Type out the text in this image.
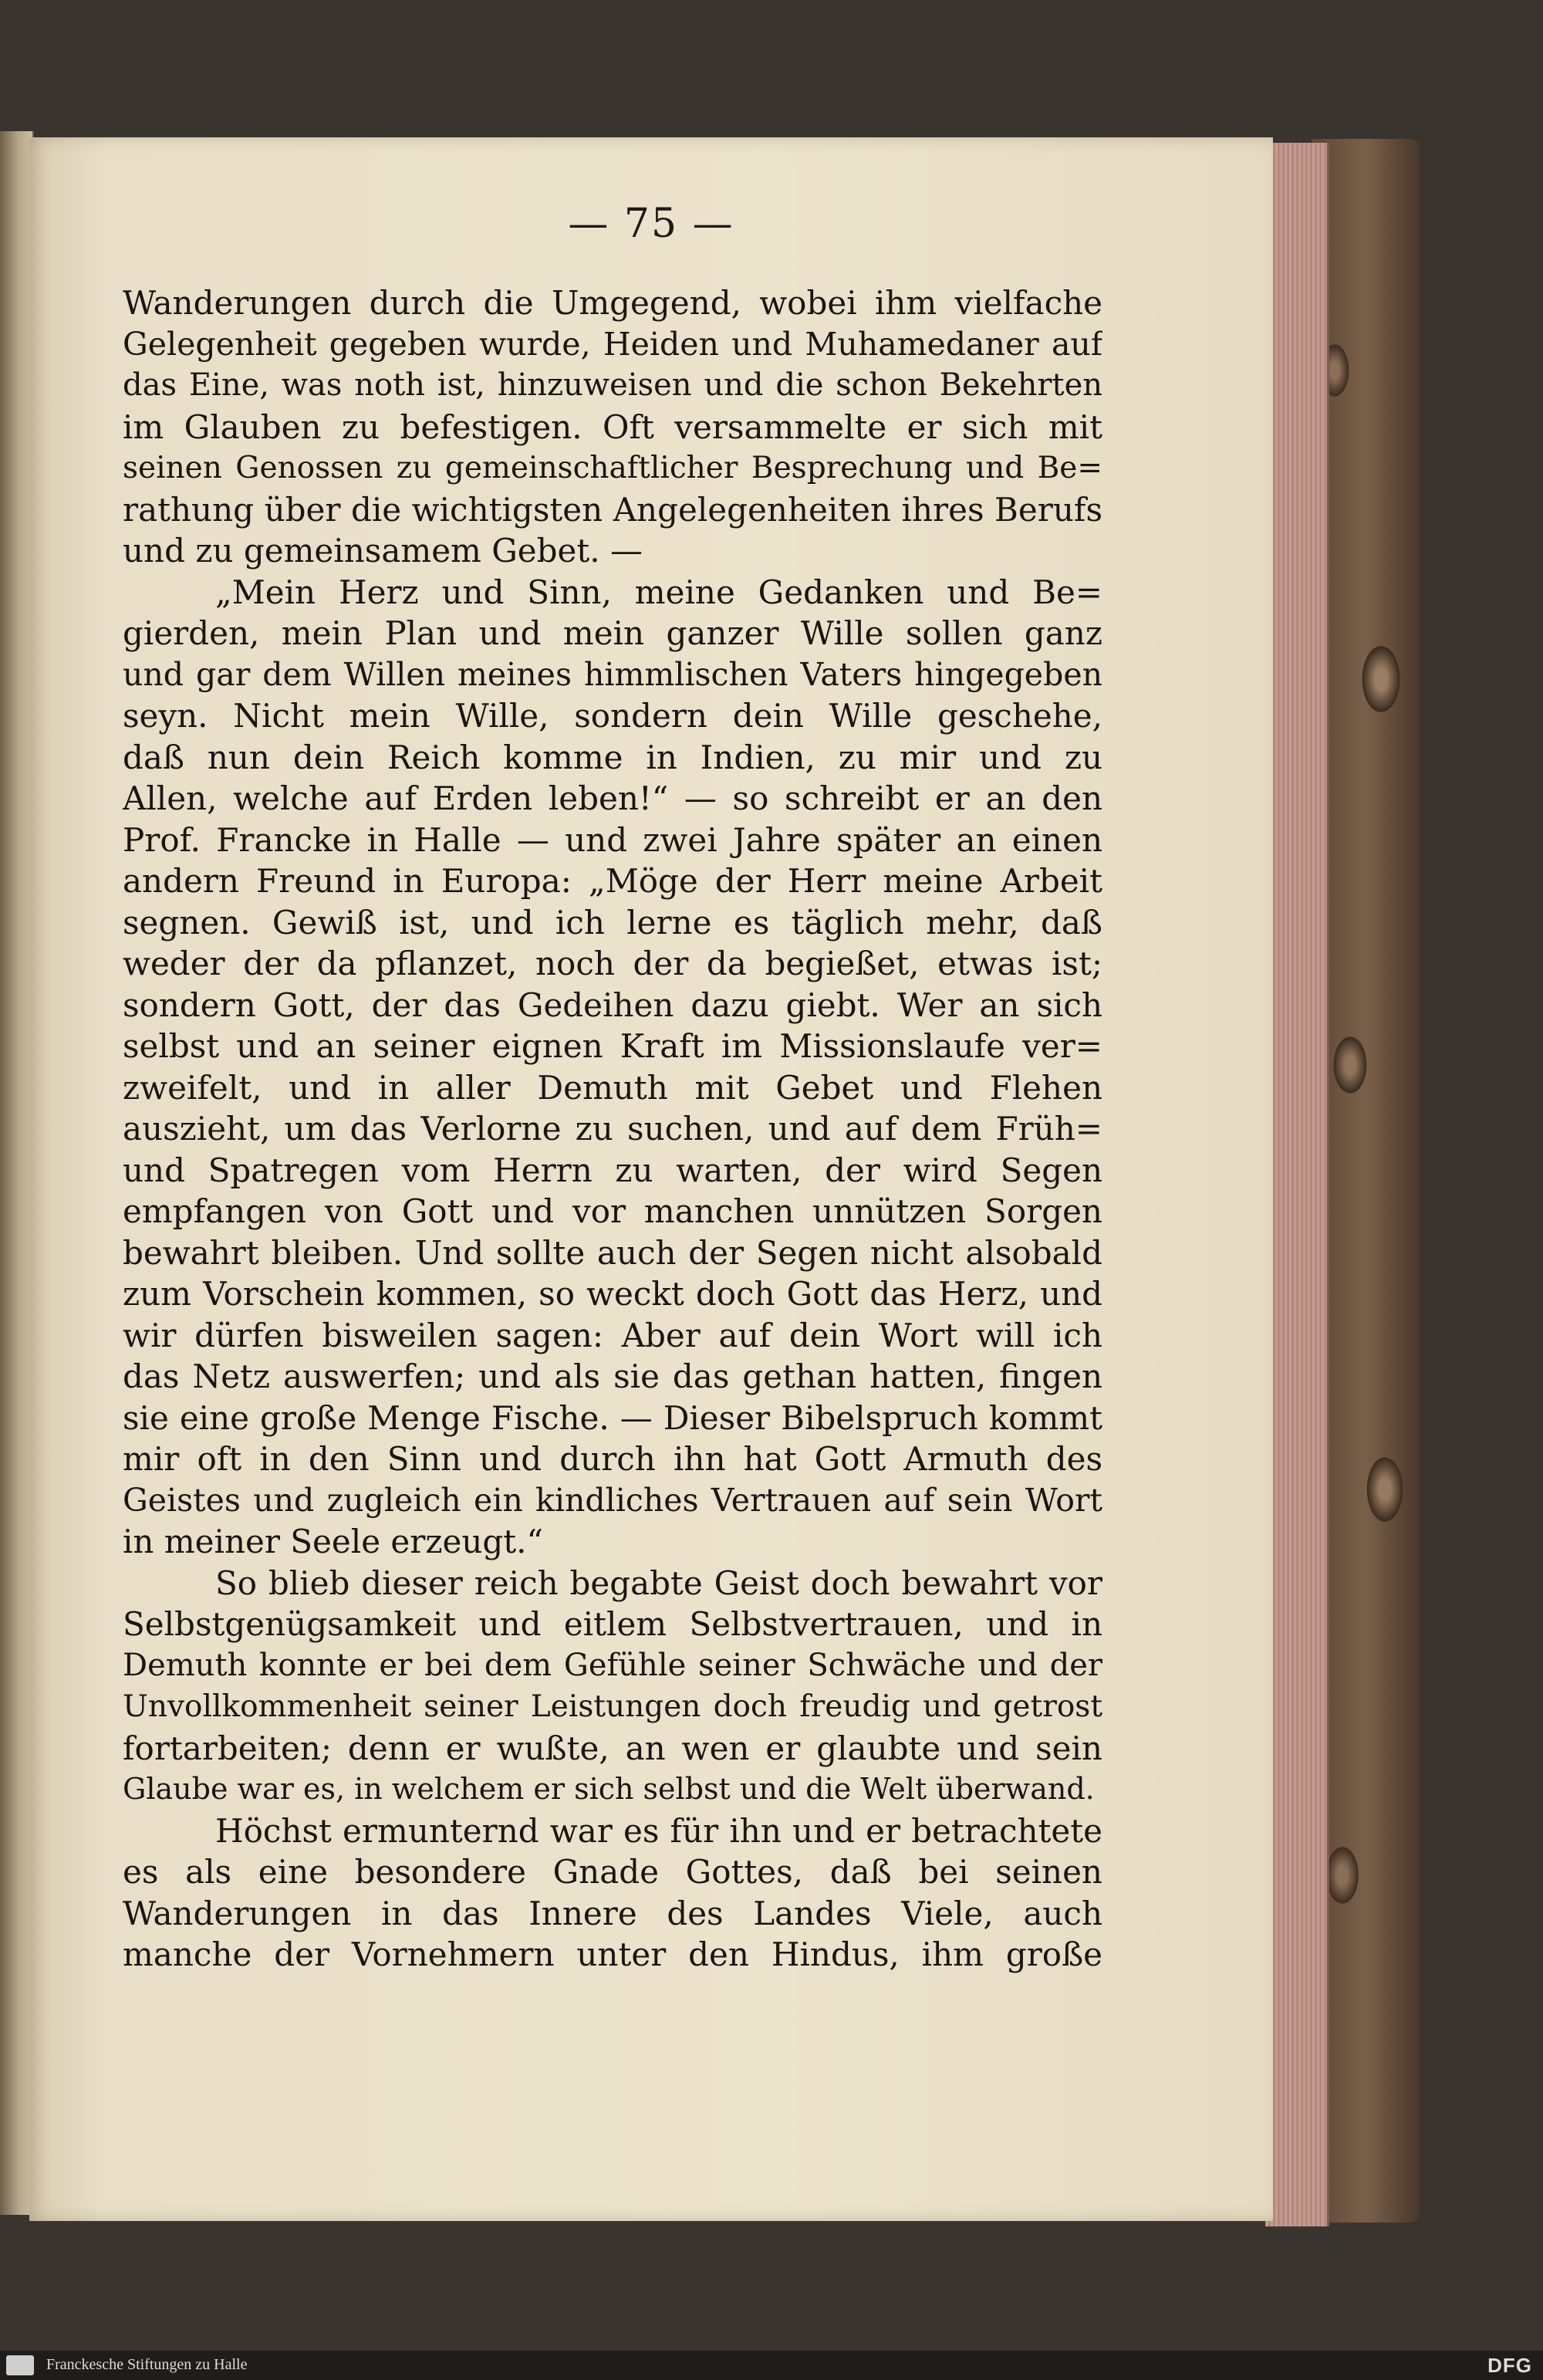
— 75 —
Wanderungen durch die Umgegend, wobei ihm vielfache
Gelegenheit gegeben wurde, Heiden und Muhamedaner auf
das Eine, was noth ist, hinzuweisen und die schon Bekehrten
im Glauben zu befestigen. Oft versammelte er sich mit
seinen Genossen zu gemeinschaftlicher Besprechung und Be=
rathung über die wichtigsten Angelegenheiten ihres Berufs
und zu gemeinsamem Gebet. —
„Mein Herz und Sinn, meine Gedanken und Be=
gierden, mein Plan und mein ganzer Wille sollen ganz
und gar dem Willen meines himmlischen Vaters hingegeben
seyn. Nicht mein Wille, sondern dein Wille geschehe,
daß nun dein Reich komme in Indien, zu mir und zu
Allen, welche auf Erden leben!“ — so schreibt er an den
Prof. Francke in Halle — und zwei Jahre später an einen
andern Freund in Europa: „Möge der Herr meine Arbeit
segnen. Gewiß ist, und ich lerne es täglich mehr, daß
weder der da pflanzet, noch der da begießet, etwas ist;
sondern Gott, der das Gedeihen dazu giebt. Wer an sich
selbst und an seiner eignen Kraft im Missionslaufe ver=
zweifelt, und in aller Demuth mit Gebet und Flehen
auszieht, um das Verlorne zu suchen, und auf dem Früh=
und Spatregen vom Herrn zu warten, der wird Segen
empfangen von Gott und vor manchen unnützen Sorgen
bewahrt bleiben. Und sollte auch der Segen nicht alsobald
zum Vorschein kommen, so weckt doch Gott das Herz, und
wir dürfen bisweilen sagen: Aber auf dein Wort will ich
das Netz auswerfen; und als sie das gethan hatten, fingen
sie eine große Menge Fische. — Dieser Bibelspruch kommt
mir oft in den Sinn und durch ihn hat Gott Armuth des
Geistes und zugleich ein kindliches Vertrauen auf sein Wort
in meiner Seele erzeugt.“
So blieb dieser reich begabte Geist doch bewahrt vor
Selbstgenügsamkeit und eitlem Selbstvertrauen, und in
Demuth konnte er bei dem Gefühle seiner Schwäche und der
Unvollkommenheit seiner Leistungen doch freudig und getrost
fortarbeiten; denn er wußte, an wen er glaubte und sein
Glaube war es, in welchem er sich selbst und die Welt überwand.
Höchst ermunternd war es für ihn und er betrachtete
es als eine besondere Gnade Gottes, daß bei seinen
Wanderungen in das Innere des Landes Viele, auch
manche der Vornehmern unter den Hindus, ihm große
Franckesche Stiftungen zu Halle	DFG
